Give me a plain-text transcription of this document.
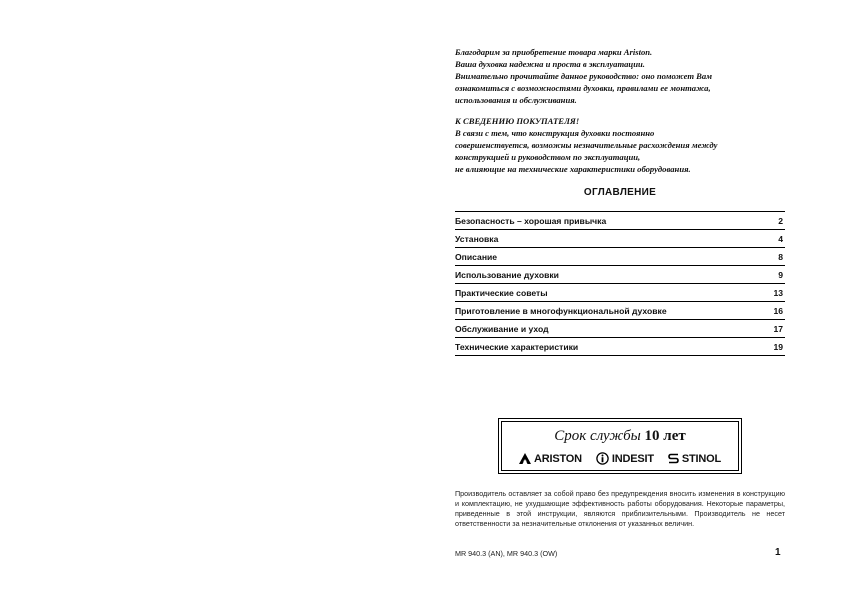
Благодарим за приобретение товара марки Ariston.

Ваша духовка надежна и проста в эксплуатации.

Внимательно прочитайте данное руководство: оно поможет Вам

ознакомиться с возможностями духовки, правилами ее монтажа,

использования и обслуживания.

К СВЕДЕНИЮ ПОКУПАТЕЛЯ!

В связи с тем, что конструкция духовки постоянно

совершенствуется, возможны незначительные расхождения между

конструкцией и руководством по эксплуатации,

не влияющие на технические характеристики оборудования.

ОГЛАВЛЕНИЕ
Безопасность – хорошая привычка	2
Установка	4
Описание	8
Использование духовки	9
Практические советы	13
Приготовление в многофункциональной духовке	16
Обслуживание и уход	17
Технические характеристики	19
Срок службы 10 лет
ARISTON	INDESIT	STINOL
Производитель оставляет за собой право без предупреждения вносить изменения в конструкцию и комплектацию, не ухудшающие эффективность работы оборудования. Некоторые параметры, приведенные в этой инструкции, являются приблизительными. Производитель не несет ответственности за незначительные отклонения от указанных величин.
MR 940.3 (AN), MR 940.3 (OW)	1
